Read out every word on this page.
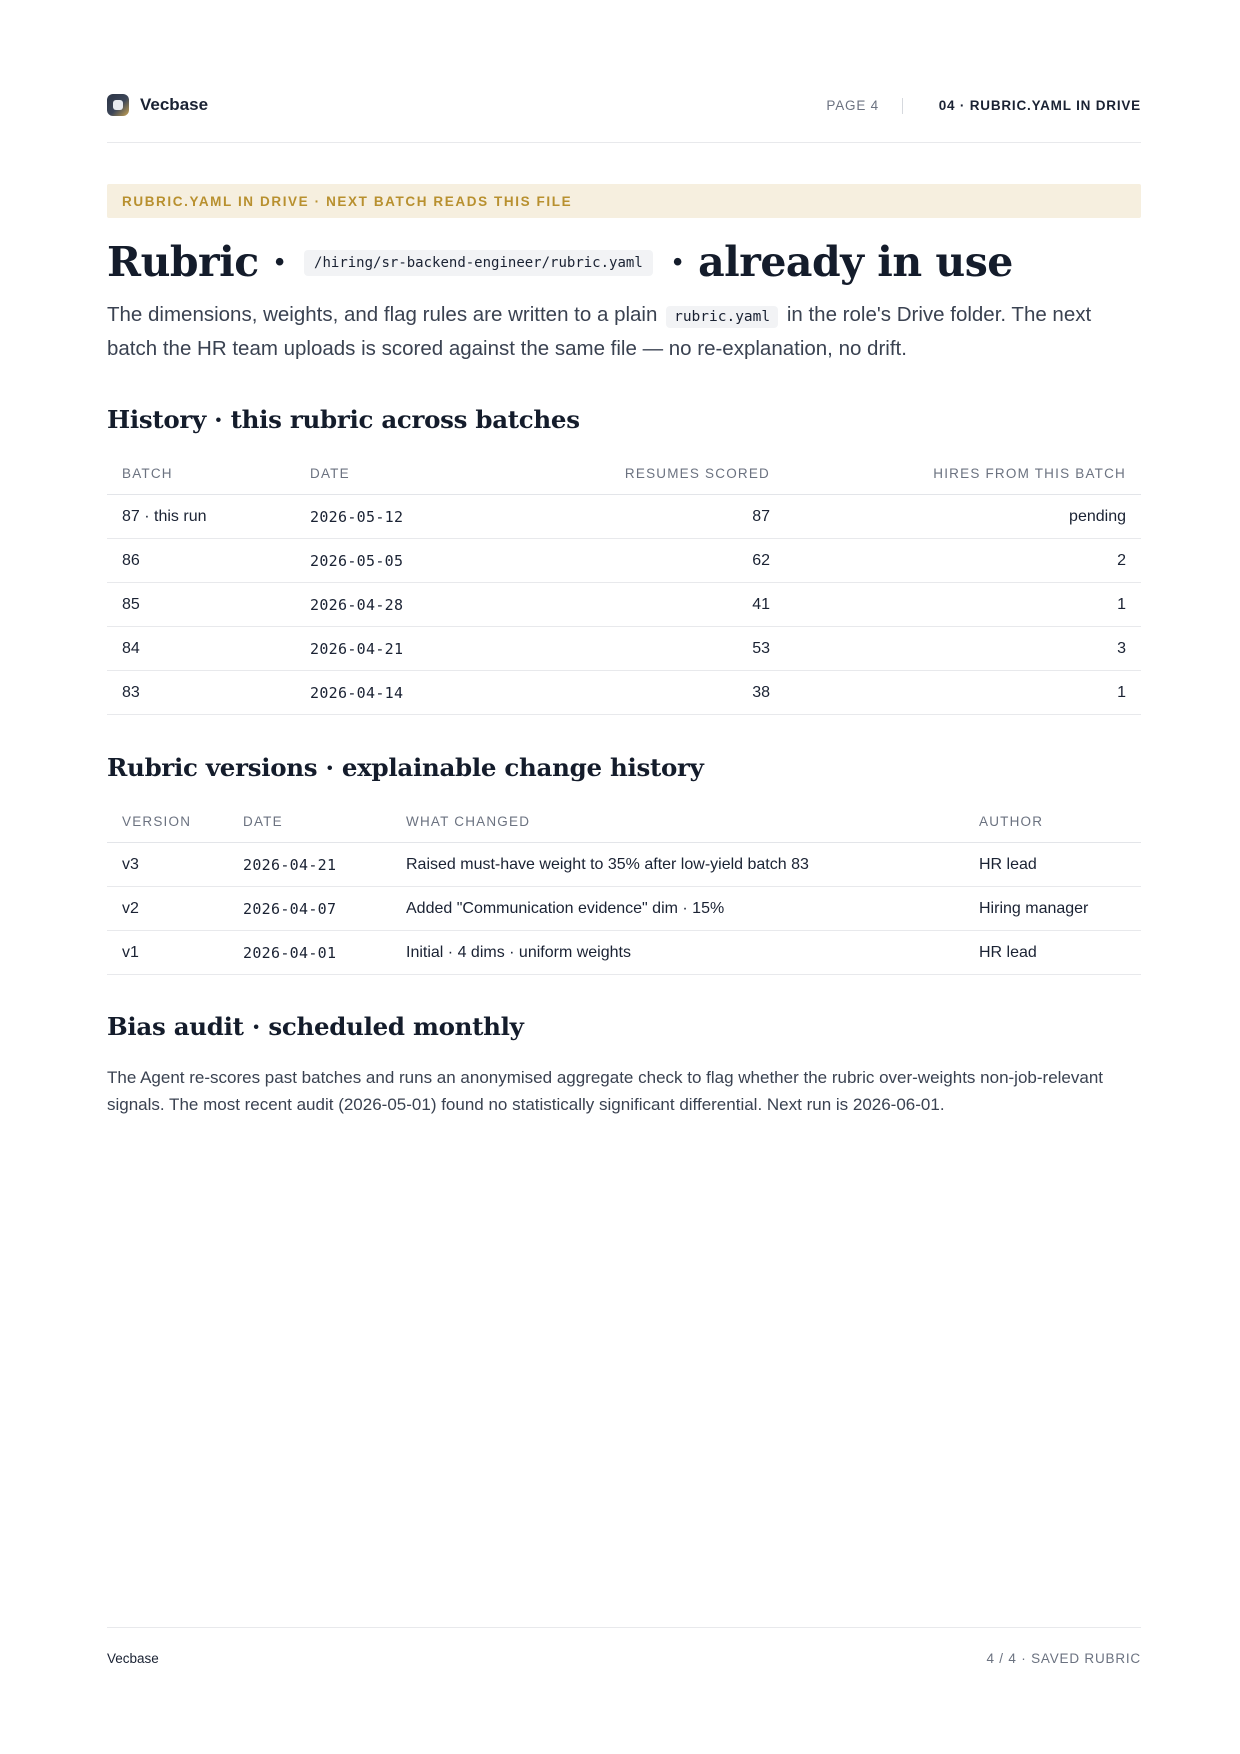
Vecbase	PAGE 4	04 · RUBRIC.YAML IN DRIVE
RUBRIC.YAML IN DRIVE · NEXT BATCH READS THIS FILE
Rubric · /hiring/sr-backend-engineer/rubric.yaml · already in use
The dimensions, weights, and flag rules are written to a plain rubric.yaml in the role's Drive folder. The next batch the HR team uploads is scored against the same file — no re-explanation, no drift.
History · this rubric across batches
BATCH	DATE	RESUMES SCORED	HIRES FROM THIS BATCH
87 · this run	2026-05-12	87	pending
86	2026-05-05	62	2
85	2026-04-28	41	1
84	2026-04-21	53	3
83	2026-04-14	38	1
Rubric versions · explainable change history
VERSION	DATE	WHAT CHANGED	AUTHOR
v3	2026-04-21	Raised must-have weight to 35% after low-yield batch 83	HR lead
v2	2026-04-07	Added "Communication evidence" dim · 15%	Hiring manager
v1	2026-04-01	Initial · 4 dims · uniform weights	HR lead
Bias audit · scheduled monthly
The Agent re-scores past batches and runs an anonymised aggregate check to flag whether the rubric over-weights non-job-relevant signals. The most recent audit (2026-05-01) found no statistically significant differential. Next run is 2026-06-01.
Vecbase	4 / 4 · SAVED RUBRIC
